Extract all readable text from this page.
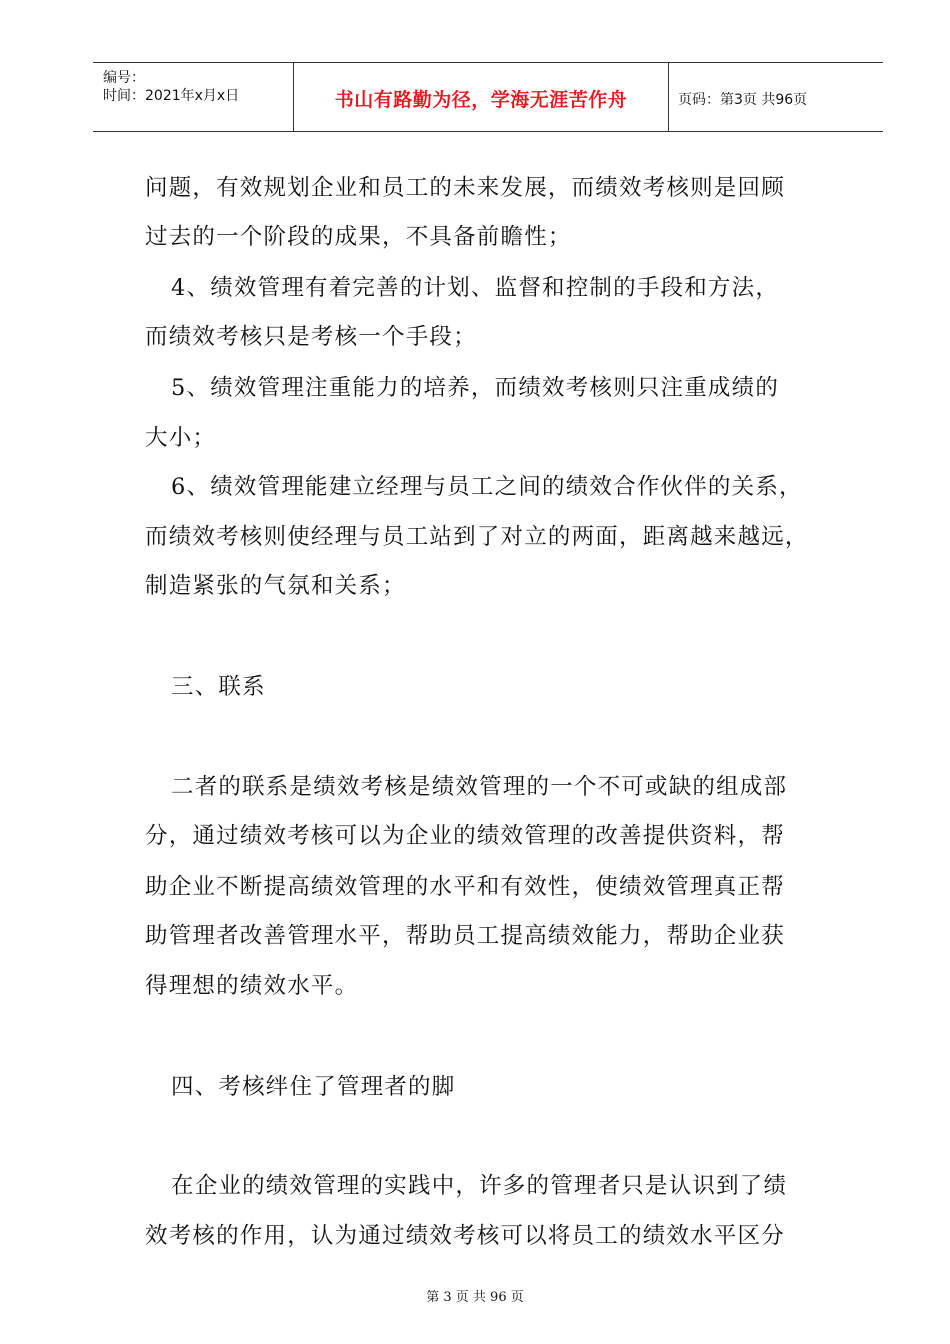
编号：
时间：2021年x月x日	书山有路勤为径，学海无涯苦作舟	页码：第3页 共96页
问题，有效规划企业和员工的未来发展，而绩效考核则是回顾
过去的一个阶段的成果，不具备前瞻性；
4、绩效管理有着完善的计划、监督和控制的手段和方法，
而绩效考核只是考核一个手段；
5、绩效管理注重能力的培养，而绩效考核则只注重成绩的
大小；
6、绩效管理能建立经理与员工之间的绩效合作伙伴的关系，
而绩效考核则使经理与员工站到了对立的两面，距离越来越远，
制造紧张的气氛和关系；
三、联系
二者的联系是绩效考核是绩效管理的一个不可或缺的组成部
分，通过绩效考核可以为企业的绩效管理的改善提供资料，帮
助企业不断提高绩效管理的水平和有效性，使绩效管理真正帮
助管理者改善管理水平，帮助员工提高绩效能力，帮助企业获
得理想的绩效水平。
四、考核绊住了管理者的脚
在企业的绩效管理的实践中，许多的管理者只是认识到了绩
效考核的作用，认为通过绩效考核可以将员工的绩效水平区分
第 3 页 共 96 页
